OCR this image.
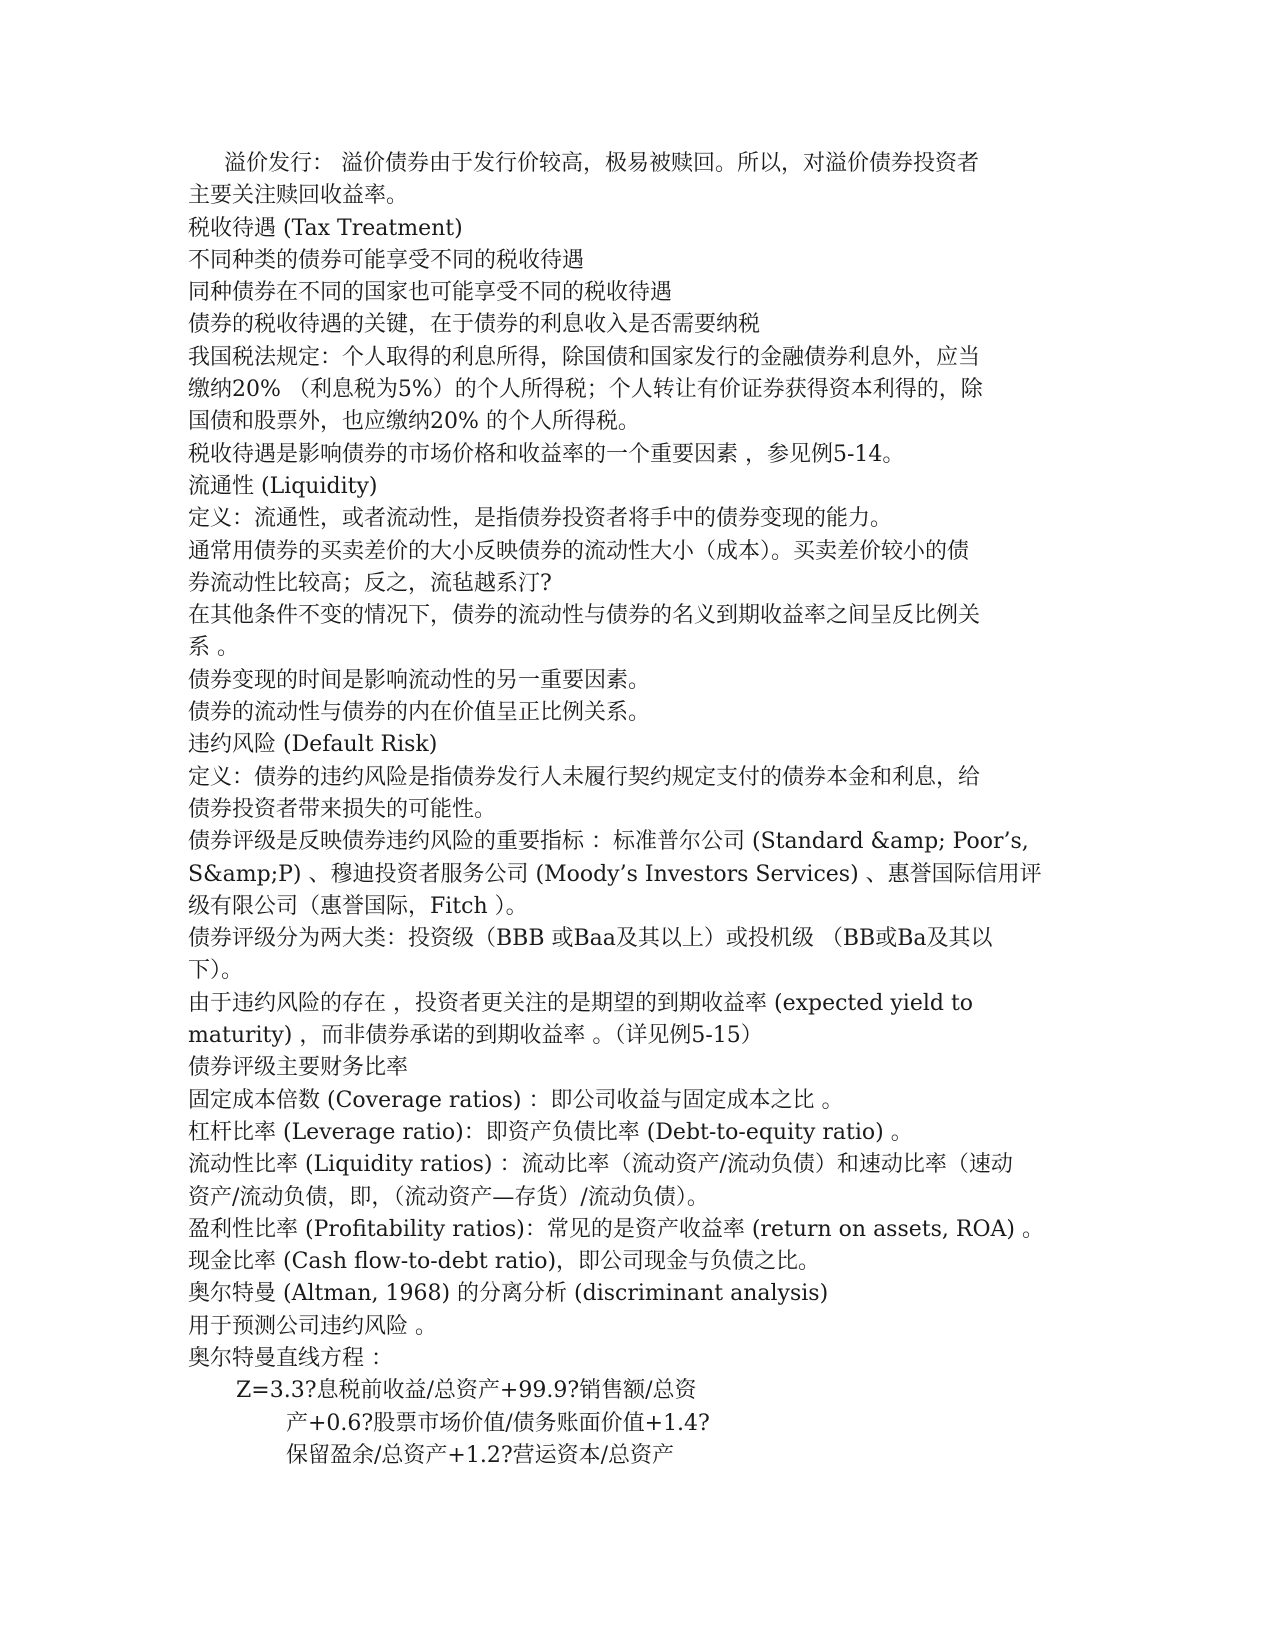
溢价发行： 溢价债券由于发行价较高，极易被赎回。所以，对溢价债券投资者

主要关注赎回收益率。

税收待遇 (Tax Treatment)

不同种类的债券可能享受不同的税收待遇

同种债券在不同的国家也可能享受不同的税收待遇

债券的税收待遇的关键，在于债券的利息收入是否需要纳税

我国税法规定：个人取得的利息所得，除国债和国家发行的金融债券利息外，应当

缴纳20% （利息税为5%）的个人所得税；个人转让有价证券获得资本利得的，除

国债和股票外，也应缴纳20% 的个人所得税。

税收待遇是影响债券的市场价格和收益率的一个重要因素 ，参见例5-14。

流通性 (Liquidity)

定义：流通性，或者流动性，是指债券投资者将手中的债券变现的能力。

通常用债券的买卖差价的大小反映债券的流动性大小（成本）。买卖差价较小的债

券流动性比较高；反之，流毡越系汀?

在其他条件不变的情况下，债券的流动性与债券的名义到期收益率之间呈反比例关

系 。

债券变现的时间是影响流动性的另一重要因素。

债券的流动性与债券的内在价值呈正比例关系。

违约风险 (Default Risk)

定义：债券的违约风险是指债券发行人未履行契约规定支付的债券本金和利息，给

债券投资者带来损失的可能性。

债券评级是反映债券违约风险的重要指标 ：标准普尔公司 (Standard &amp; Poor’s,

S&amp;P) 、穆迪投资者服务公司 (Moody’s Investors Services) 、惠誉国际信用评

级有限公司（惠誉国际，Fitch ）。

债券评级分为两大类：投资级（BBB 或Baa及其以上）或投机级 （BB或Ba及其以

下）。

由于违约风险的存在 ，投资者更关注的是期望的到期收益率 (expected yield to

maturity) ，而非债券承诺的到期收益率 。（详见例5-15）

债券评级主要财务比率

固定成本倍数 (Coverage ratios) ：即公司收益与固定成本之比 。

杠杆比率 (Leverage ratio)：即资产负债比率 (Debt-to-equity ratio) 。

流动性比率 (Liquidity ratios) ：流动比率（流动资产/流动负债）和速动比率（速动

资产/流动负债，即，（流动资产—存货）/流动负债）。

盈利性比率 (Profitability ratios)：常见的是资产收益率 (return on assets, ROA) 。

现金比率 (Cash flow-to-debt ratio)，即公司现金与负债之比。

奥尔特曼 (Altman, 1968) 的分离分析 (discriminant analysis)

用于预测公司违约风险 。

奥尔特曼直线方程 ：

Z=3.3?息税前收益/总资产+99.9?销售额/总资

产+0.6?股票市场价值/债务账面价值+1.4?

保留盈余/总资产+1.2?营运资本/总资产
